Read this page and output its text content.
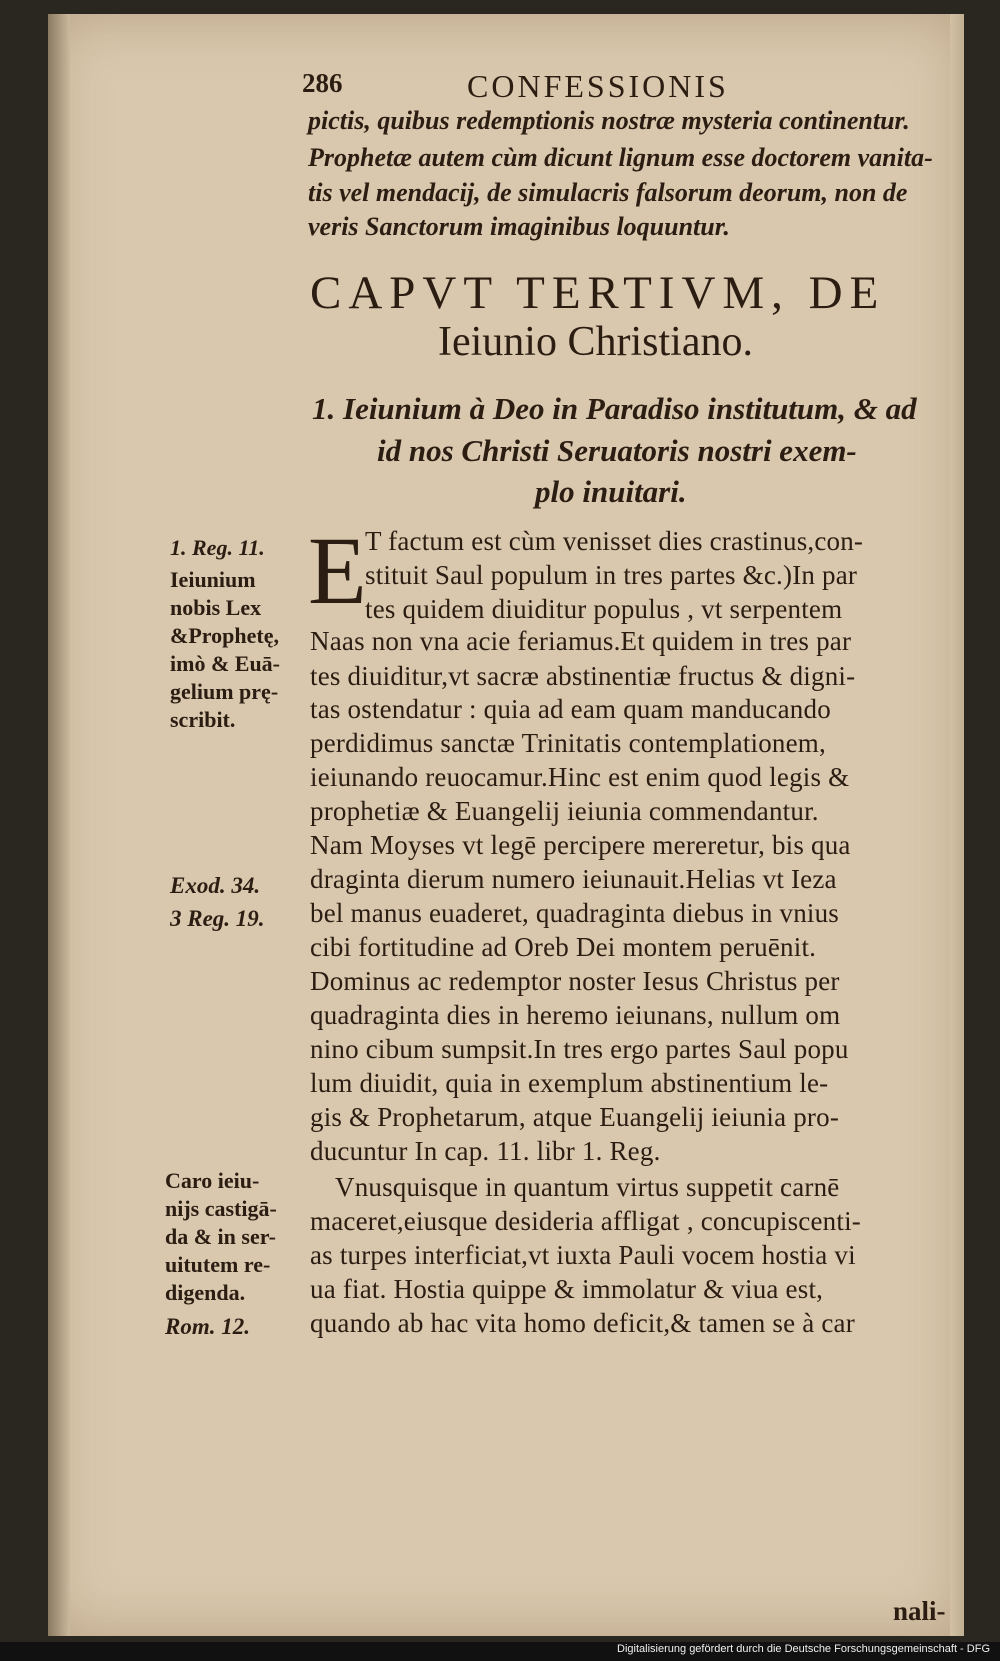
286	CONFESSIONIS
pictis, quibus redemptionis nostræ mysteria continentur.
Prophetæ autem cùm dicunt lignum esse doctorem vanita-
tis vel mendacij, de simulacris falsorum deorum, non de
veris Sanctorum imaginibus loquuntur.
CAPVT TERTIVM, DE
Ieiunio Christiano.
1. Ieiunium à Deo in Paradiso institutum, & ad
id nos Christi Seruatoris nostri exem-
plo inuitari.
E
T factum est cùm venisset dies crastinus,con-
stituit Saul populum in tres partes &c.)In par
tes quidem diuiditur populus , vt serpentem
Naas non vna acie feriamus.Et quidem in tres par
tes diuiditur,vt sacræ abstinentiæ fructus & digni-
tas ostendatur : quia ad eam quam manducando
perdidimus sanctæ Trinitatis contemplationem,
ieiunando reuocamur.Hinc est enim quod legis &
prophetiæ & Euangelij ieiunia commendantur.
Nam Moyses vt legē percipere mereretur, bis qua
draginta dierum numero ieiunauit.Helias vt Ieza
bel manus euaderet, quadraginta diebus in vnius
cibi fortitudine ad Oreb Dei montem peruēnit.
Dominus ac redemptor noster Iesus Christus per
quadraginta dies in heremo ieiunans, nullum om
nino cibum sumpsit.In tres ergo partes Saul popu
lum diuidit, quia in exemplum abstinentium le-
gis & Prophetarum, atque Euangelij ieiunia pro-
ducuntur In cap. 11. libr 1. Reg.
Vnusquisque in quantum virtus suppetit carnē
maceret,eiusque desideria affligat , concupiscenti-
as turpes interficiat,vt iuxta Pauli vocem hostia vi
ua fiat. Hostia quippe & immolatur & viua est,
quando ab hac vita homo deficit,& tamen se à car
nali-
1. Reg. 11.
Ieiunium
nobis Lex
&Prophetę,
imò & Euā-
gelium prę-
scribit.
Exod. 34.
3 Reg. 19.
Caro ieiu-
nijs castigā-
da & in ser-
uitutem re-
digenda.
Rom. 12.
Digitalisierung gefördert durch die Deutsche Forschungsgemeinschaft - DFG
